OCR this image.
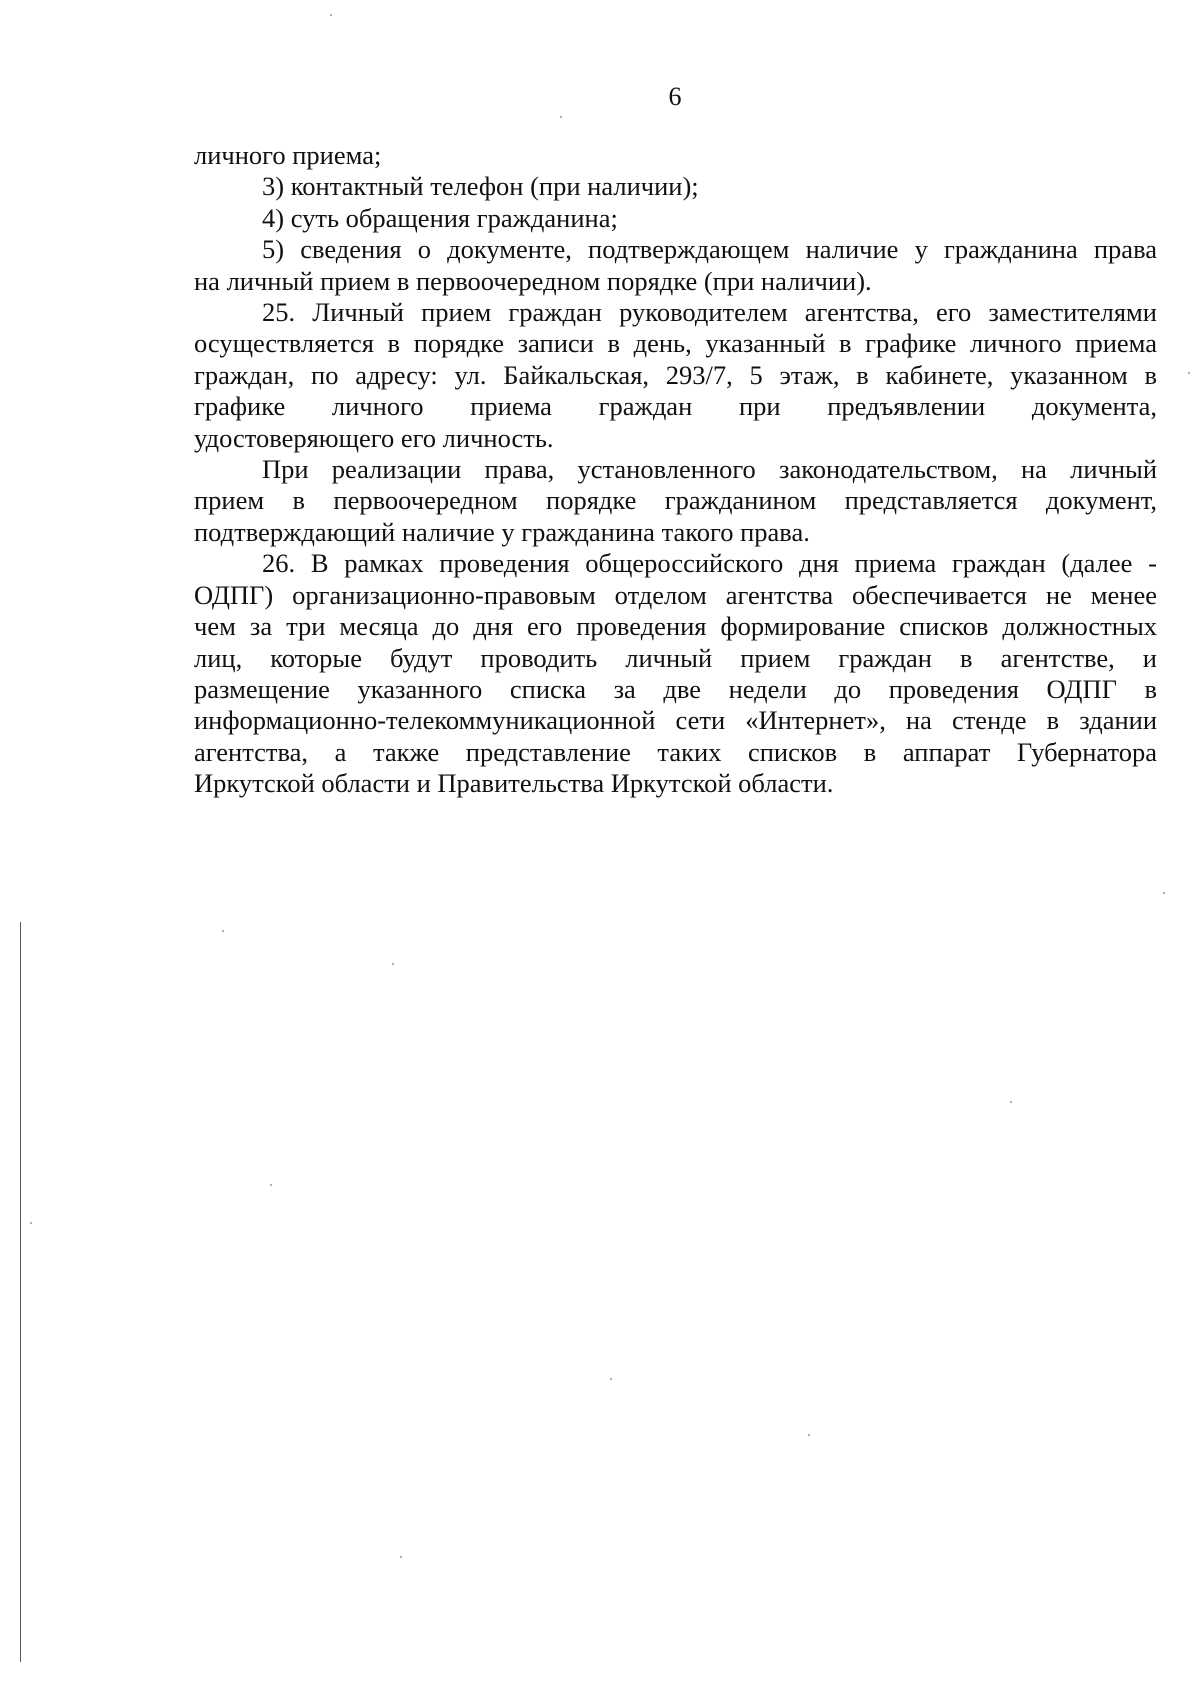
6
личного приема;
3) контактный телефон (при наличии);
4) суть обращения гражданина;
5) сведения о документе, подтверждающем наличие у гражданина права
на личный прием в первоочередном порядке (при наличии).
25. Личный прием граждан руководителем агентства, его заместителями
осуществляется в порядке записи в день, указанный в графике личного приема
граждан, по адресу: ул. Байкальская, 293/7, 5 этаж, в кабинете, указанном в
графике личного приема граждан при предъявлении документа,
удостоверяющего его личность.
При реализации права, установленного законодательством, на личный
прием в первоочередном порядке гражданином представляется документ,
подтверждающий наличие у гражданина такого права.
26. В рамках проведения общероссийского дня приема граждан (далее -
ОДПГ) организационно-правовым отделом агентства обеспечивается не менее
чем за три месяца до дня его проведения формирование списков должностных
лиц, которые будут проводить личный прием граждан в агентстве, и
размещение указанного списка за две недели до проведения ОДПГ в
информационно-телекоммуникационной сети «Интернет», на стенде в здании
агентства, а также представление таких списков в аппарат Губернатора
Иркутской области и Правительства Иркутской области.
